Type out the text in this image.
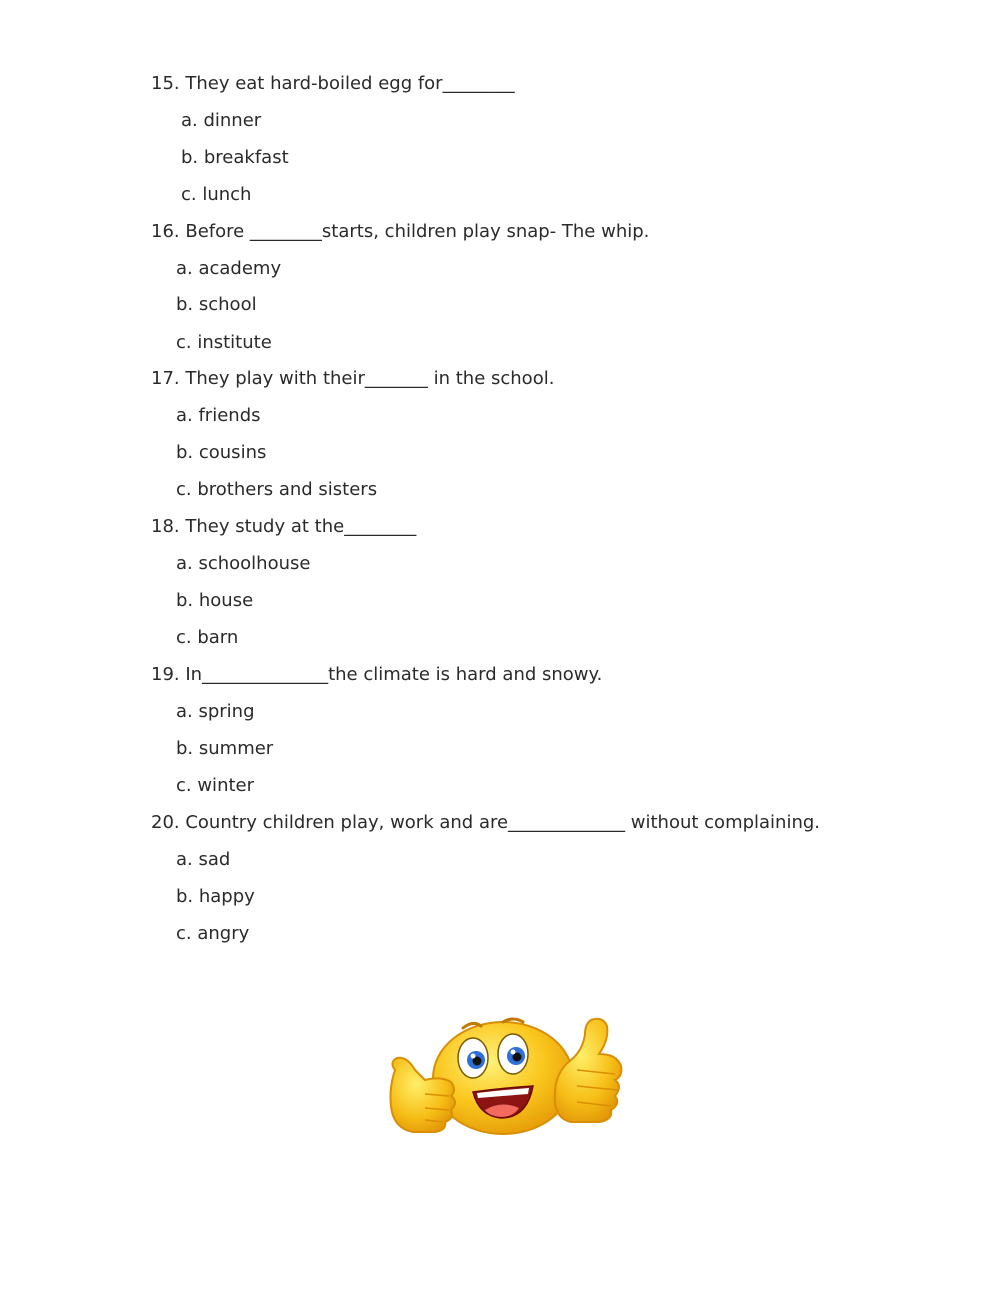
15. They eat hard-boiled egg for________
a. dinner
b. breakfast
c. lunch
16. Before ________starts, children play snap- The whip.
a. academy
b. school
c. institute
17. They play with their_______ in the school.
a. friends
b. cousins
c. brothers and sisters
18. They study at the________
a. schoolhouse
b. house
c. barn
19. In______________the climate is hard and snowy.
a. spring
b. summer
c. winter
20. Country children play, work and are_____________ without complaining.
a. sad
b. happy
c. angry
